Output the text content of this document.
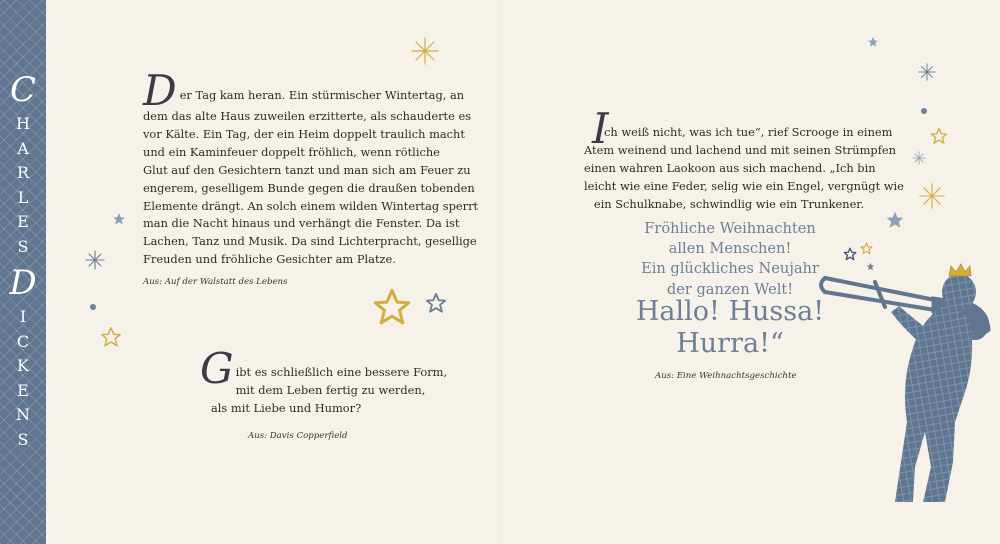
C
H
A
R
L
E
S
D
I
C
K
E
N
S
D er Tag kam heran. Ein stürmischer Wintertag, an
dem das alte Haus zuweilen erzitterte, als schauderte es
vor Kälte. Ein Tag, der ein Heim doppelt traulich macht
und ein Kaminfeuer doppelt fröhlich, wenn rötliche
Glut auf den Gesichtern tanzt und man sich am Feuer zu
engerem, geselligem Bunde gegen die draußen tobenden
Elemente drängt. An solch einem wilden Wintertag sperrt
man die Nacht hinaus und verhängt die Fenster. Da ist
Lachen, Tanz und Musik. Da sind Lichterpracht, gesellige
Freuden und fröhliche Gesichter am Platze.
Aus: Auf der Walstatt des Lebens
G ibt es schließlich eine bessere Form,
mit dem Leben fertig zu werden,
als mit Liebe und Humor?
Aus: Davis Copperfield
I
ch weiß nicht, was ich tue“, rief Scrooge in einem
Atem weinend und lachend und mit seinen Strümpfen
einen wahren Laokoon aus sich machend. „Ich bin
leicht wie eine Feder, selig wie ein Engel, vergnügt wie
ein Schulknabe, schwindlig wie ein Trunkener.
Fröhliche Weihnachten
allen Menschen!
Ein glückliches Neujahr
der ganzen Welt!
Hallo! Hussa!
Hurra!“
Aus: Eine Weihnachtsgeschichte
